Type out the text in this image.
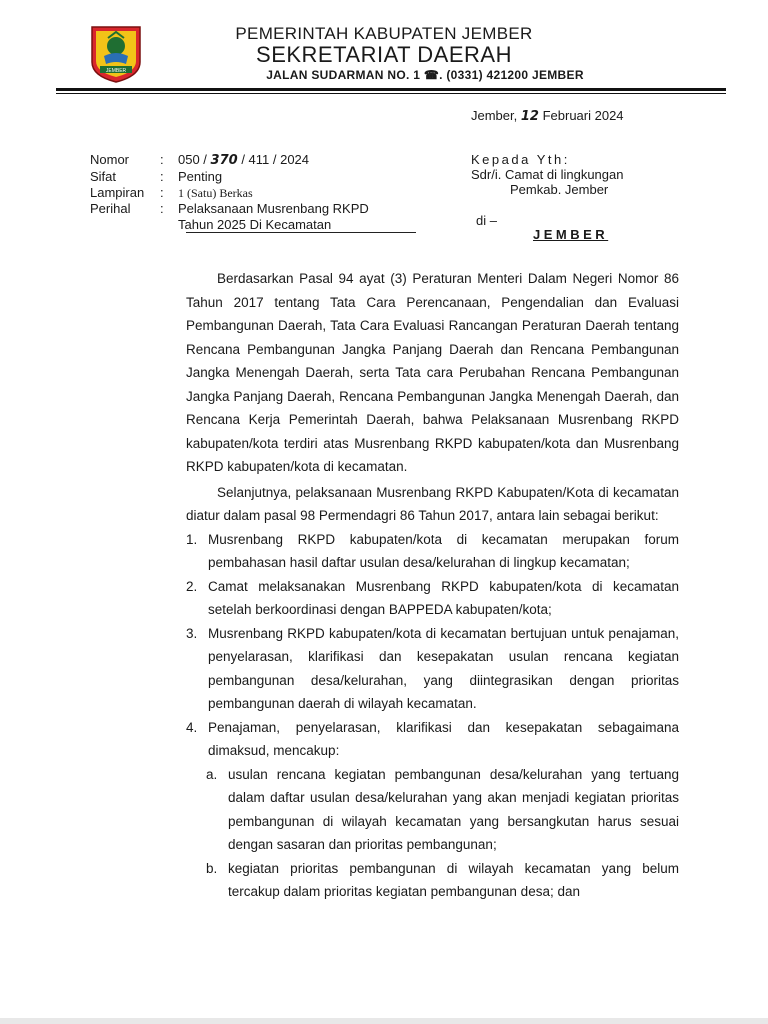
JEMBER
PEMERINTAH KABUPATEN JEMBER
SEKRETARIAT DAERAH
JALAN SUDARMAN NO. 1 ☎. (0331) 421200 JEMBER
Jember, 12 Februari 2024
Nomor	:	050 / 370 / 411 / 2024
Sifat	:	Penting
Lampiran	:	1 (Satu) Berkas
Perihal	:	Pelaksanaan Musrenbang RKPD
Tahun 2025 Di Kecamatan
Kepada Yth:
Sdr/i. Camat di lingkungan
Pemkab. Jember
di –
JEMBER

Berdasarkan Pasal 94 ayat (3) Peraturan Menteri Dalam Negeri Nomor 86 Tahun 2017 tentang Tata Cara Perencanaan, Pengendalian dan Evaluasi Pembangunan Daerah, Tata Cara Evaluasi Rancangan Peraturan Daerah tentang Rencana Pembangunan Jangka Panjang Daerah dan Rencana Pembangunan Jangka Menengah Daerah, serta Tata cara Perubahan Rencana Pembangunan Jangka Panjang Daerah, Rencana Pembangunan Jangka Menengah Daerah, dan Rencana Kerja Pemerintah Daerah, bahwa Pelaksanaan Musrenbang RKPD kabupaten/kota terdiri atas Musrenbang RKPD kabupaten/kota dan Musrenbang RKPD kabupaten/kota di kecamatan.

Selanjutnya, pelaksanaan Musrenbang RKPD Kabupaten/Kota di kecamatan diatur dalam pasal 98 Permendagri 86 Tahun 2017, antara lain sebagai berikut:

1. Musrenbang RKPD kabupaten/kota di kecamatan merupakan forum pembahasan hasil daftar usulan desa/kelurahan di lingkup kecamatan;
2. Camat melaksanakan Musrenbang RKPD kabupaten/kota di kecamatan setelah berkoordinasi dengan BAPPEDA kabupaten/kota;
3. Musrenbang RKPD kabupaten/kota di kecamatan bertujuan untuk penajaman, penyelarasan, klarifikasi dan kesepakatan usulan rencana kegiatan pembangunan desa/kelurahan, yang diintegrasikan dengan prioritas pembangunan daerah di wilayah kecamatan.
4. Penajaman, penyelarasan, klarifikasi dan kesepakatan sebagaimana dimaksud, mencakup:
a. usulan rencana kegiatan pembangunan desa/kelurahan yang tertuang dalam daftar usulan desa/kelurahan yang akan menjadi kegiatan prioritas pembangunan di wilayah kecamatan yang bersangkutan harus sesuai dengan sasaran dan prioritas pembangunan;
b. kegiatan prioritas pembangunan di wilayah kecamatan yang belum tercakup dalam prioritas kegiatan pembangunan desa; dan
